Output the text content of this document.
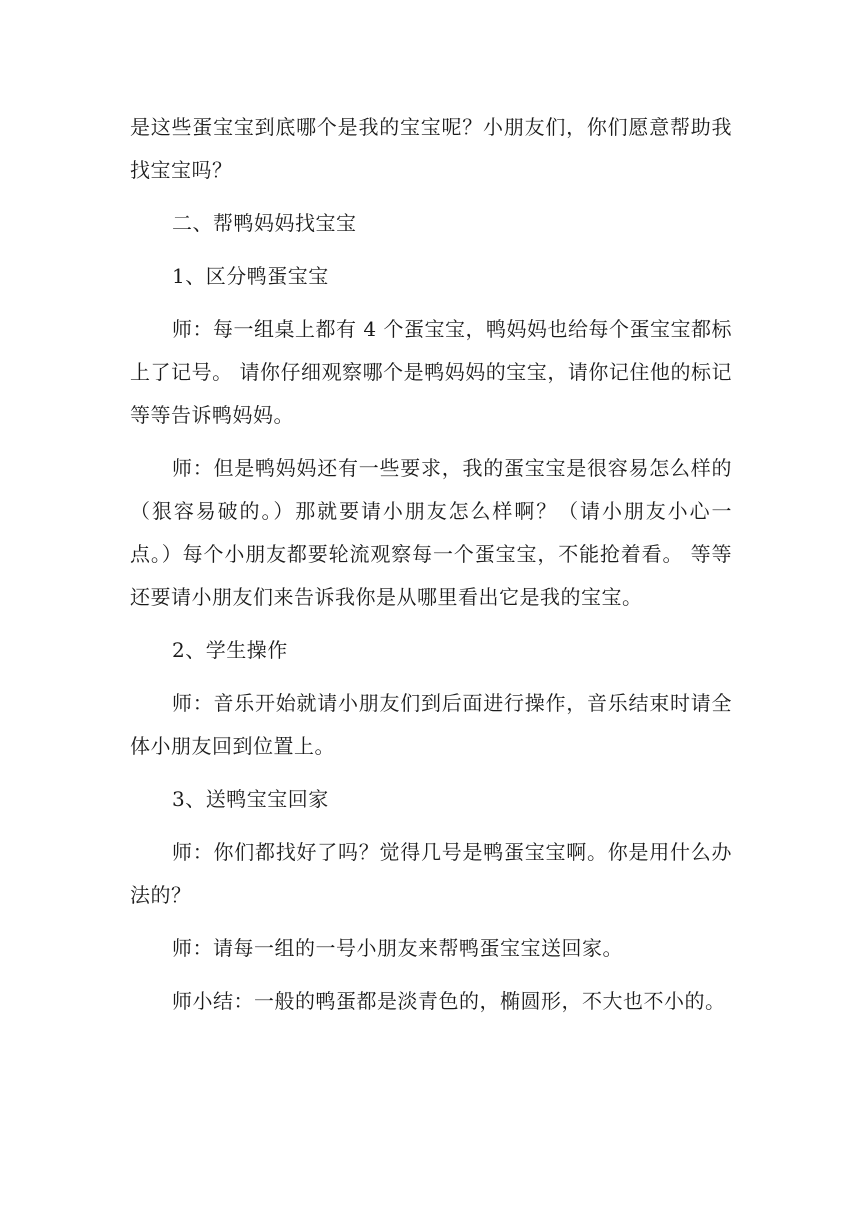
是这些蛋宝宝到底哪个是我的宝宝呢？小朋友们，你们愿意帮助我找宝宝吗？

二、帮鸭妈妈找宝宝

1、区分鸭蛋宝宝

师：每一组桌上都有 4 个蛋宝宝，鸭妈妈也给每个蛋宝宝都标上了记号。 请你仔细观察哪个是鸭妈妈的宝宝，请你记住他的标记等等告诉鸭妈妈。

师：但是鸭妈妈还有一些要求，我的蛋宝宝是很容易怎么样的（狠容易破的。）那就要请小朋友怎么样啊？（请小朋友小心一点。）每个小朋友都要轮流观察每一个蛋宝宝，不能抢着看。 等等还要请小朋友们来告诉我你是从哪里看出它是我的宝宝。

2、学生操作

师：音乐开始就请小朋友们到后面进行操作，音乐结束时请全体小朋友回到位置上。

3、送鸭宝宝回家

师：你们都找好了吗？觉得几号是鸭蛋宝宝啊。你是用什么办法的？

师：请每一组的一号小朋友来帮鸭蛋宝宝送回家。

师小结：一般的鸭蛋都是淡青色的，椭圆形，不大也不小的。
